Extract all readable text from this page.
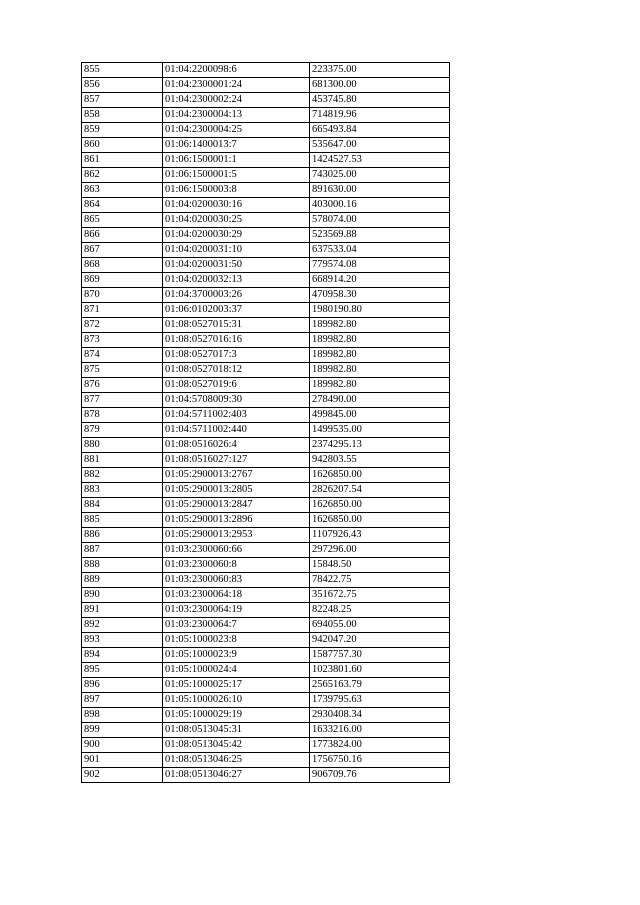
855	01:04:2200098:6	223375.00
856	01:04:2300001:24	681300.00
857	01:04:2300002:24	453745.80
858	01:04:2300004:13	714819.96
859	01:04:2300004:25	665493.84
860	01:06:1400013:7	535647.00
861	01:06:1500001:1	1424527.53
862	01:06:1500001:5	743025.00
863	01:06:1500003:8	891630.00
864	01:04:0200030:16	403000.16
865	01:04:0200030:25	578074.00
866	01:04:0200030:29	523569.88
867	01:04:0200031:10	637533.04
868	01:04:0200031:50	779574.08
869	01:04:0200032:13	668914.20
870	01:04:3700003:26	470958.30
871	01:06:0102003:37	1980190.80
872	01:08:0527015:31	189982.80
873	01:08:0527016:16	189982.80
874	01:08:0527017:3	189982.80
875	01:08:0527018:12	189982.80
876	01:08:0527019:6	189982.80
877	01:04:5708009:30	278490.00
878	01:04:5711002:403	499845.00
879	01:04:5711002:440	1499535.00
880	01:08:0516026:4	2374295.13
881	01:08:0516027:127	942803.55
882	01:05:2900013:2767	1626850.00
883	01:05:2900013:2805	2826207.54
884	01:05:2900013:2847	1626850.00
885	01:05:2900013:2896	1626850.00
886	01:05:2900013:2953	1107926.43
887	01:03:2300060:66	297296.00
888	01:03:2300060:8	15848.50
889	01:03:2300060:83	78422.75
890	01:03:2300064:18	351672.75
891	01:03:2300064:19	82248.25
892	01:03:2300064:7	694055.00
893	01:05:1000023:8	942047.20
894	01:05:1000023:9	1587757.30
895	01:05:1000024:4	1023801.60
896	01:05:1000025:17	2565163.79
897	01:05:1000026:10	1739795.63
898	01:05:1000029:19	2930408.34
899	01:08:0513045:31	1633216.00
900	01:08:0513045:42	1773824.00
901	01:08:0513046:25	1756750.16
902	01:08:0513046:27	906709.76
